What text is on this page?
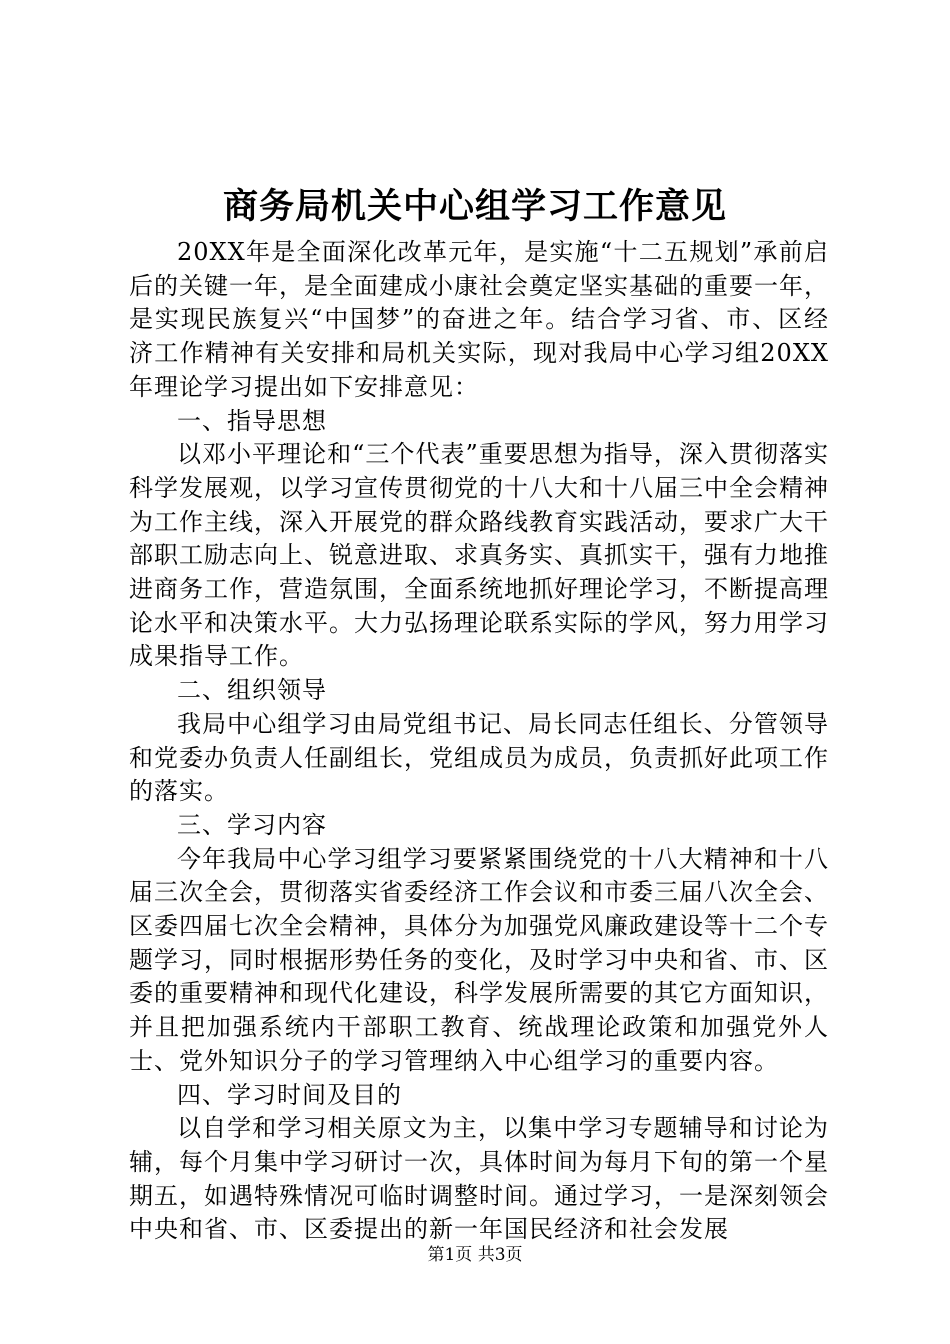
商务局机关中心组学习工作意见

20XX年是全面深化改革元年，是实施“十二五规划”承前启后的关键一年，是全面建成小康社会奠定坚实基础的重要一年，是实现民族复兴“中国梦”的奋进之年。结合学习省、市、区经济工作精神有关安排和局机关实际，现对我局中心学习组20XX年理论学习提出如下安排意见：

一、指导思想

以邓小平理论和“三个代表”重要思想为指导，深入贯彻落实科学发展观，以学习宣传贯彻党的十八大和十八届三中全会精神为工作主线，深入开展党的群众路线教育实践活动，要求广大干部职工励志向上、锐意进取、求真务实、真抓实干，强有力地推进商务工作，营造氛围，全面系统地抓好理论学习，不断提高理论水平和决策水平。大力弘扬理论联系实际的学风，努力用学习成果指导工作。

二、组织领导

我局中心组学习由局党组书记、局长同志任组长、分管领导和党委办负责人任副组长，党组成员为成员，负责抓好此项工作的落实。

三、学习内容

今年我局中心学习组学习要紧紧围绕党的十八大精神和十八届三次全会，贯彻落实省委经济工作会议和市委三届八次全会、区委四届七次全会精神，具体分为加强党风廉政建设等十二个专题学习，同时根据形势任务的变化，及时学习中央和省、市、区委的重要精神和现代化建设，科学发展所需要的其它方面知识，并且把加强系统内干部职工教育、统战理论政策和加强党外人士、党外知识分子的学习管理纳入中心组学习的重要内容。

四、学习时间及目的

以自学和学习相关原文为主，以集中学习专题辅导和讨论为辅，每个月集中学习研讨一次，具体时间为每月下旬的第一个星期五，如遇特殊情况可临时调整时间。通过学习，一是深刻领会中央和省、市、区委提出的新一年国民经济和社会发展

第1页 共3页
